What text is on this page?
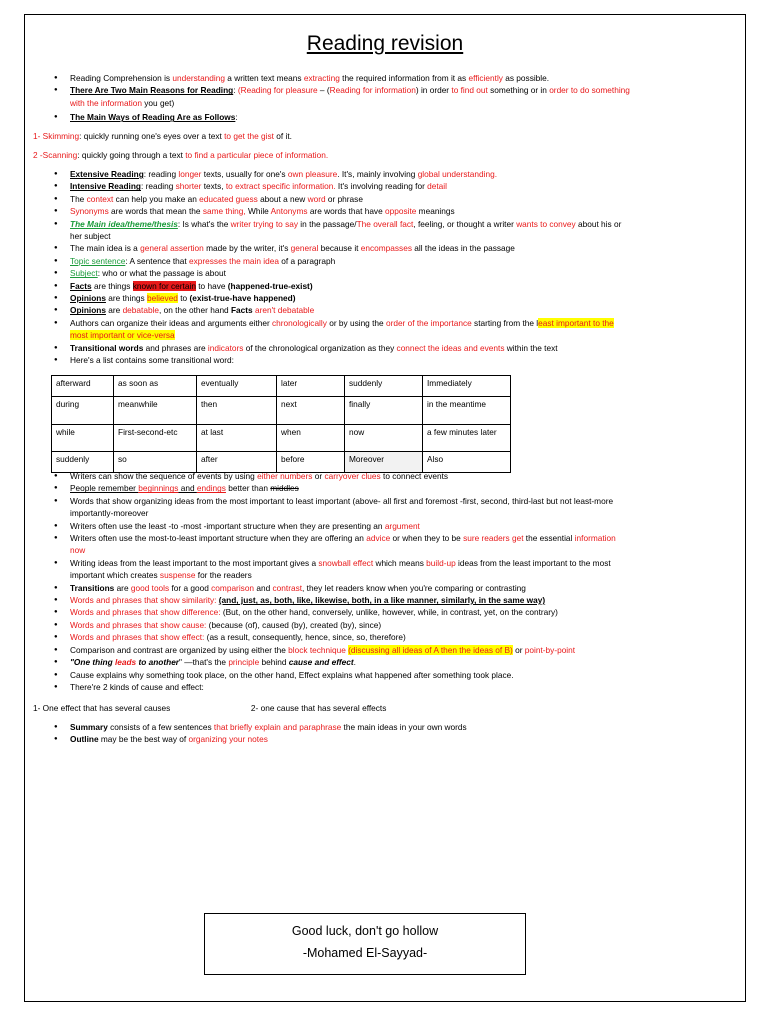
Reading revision
● Reading Comprehension is understanding a written text means extracting the required information from it as efficiently as possible.
● There Are Two Main Reasons for Reading: (Reading for pleasure – (Reading for information) in order to find out something or in order to do something
with the information you get)
● The Main Ways of Reading Are as Follows:
1- Skimming: quickly running one's eyes over a text to get the gist of it.
2 -Scanning: quickly going through a text to find a particular piece of information.
● Extensive Reading: reading longer texts, usually for one's own pleasure. It's, mainly involving global understanding.
● Intensive Reading: reading shorter texts, to extract specific information. It's involving reading for detail
● The context can help you make an educated guess about a new word or phrase
● Synonyms are words that mean the same thing, While Antonyms are words that have opposite meanings
● The Main idea/theme/thesis: Is what's the writer trying to say in the passage/The overall fact, feeling, or thought a writer wants to convey about his or
her subject
● The main idea is a general assertion made by the writer, it's general because it encompasses all the ideas in the passage
● Topic sentence: A sentence that expresses the main idea of a paragraph
● Subject: who or what the passage is about
● Facts are things known for certain to have (happened-true-exist)
● Opinions are things believed to (exist-true-have happened)
● Opinions are debatable, on the other hand Facts aren't debatable
● Authors can organize their ideas and arguments either chronologically or by using the order of the importance starting from the least important to the
most important or vice-versa
● Transitional words and phrases are indicators of the chronological organization as they connect the ideas and events within the text
● Here's a list contains some transitional word:
afterward	as soon as	eventually	later	suddenly	Immediately
during	meanwhile	then	next	finally	in the meantime
while	First-second-etc	at last	when	now	a few minutes later
suddenly	so	after	before	Moreover	Also
● Writers can show the sequence of events by using either numbers or carryover clues to connect events
● People remember beginnings and endings better than middles
● Words that show organizing ideas from the most important to least important (above- all first and foremost -first, second, third-last but not least-more
importantly-moreover
● Writers often use the least -to -most -important structure when they are presenting an argument
● Writers often use the most-to-least important structure when they are offering an advice or when they to be sure readers get the essential information
now
● Writing ideas from the least important to the most important gives a snowball effect which means build-up ideas from the least important to the most
important which creates suspense for the readers
● Transitions are good tools for a good comparison and contrast, they let readers know when you're comparing or contrasting
● Words and phrases that show similarity: (and, just, as, both, like, likewise, both, in a like manner, similarly, in the same way)
● Words and phrases that show difference: (But, on the other hand, conversely, unlike, however, while, in contrast, yet, on the contrary)
● Words and phrases that show cause: (because (of), caused (by), created (by), since)
● Words and phrases that show effect: (as a result, consequently, hence, since, so, therefore)
● Comparison and contrast are organized by using either the block technique (discussing all ideas of A then the ideas of B) or point-by-point
● "One thing leads to another" —that's the principle behind cause and effect.
● Cause explains why something took place, on the other hand, Effect explains what happened after something took place.
● There're 2 kinds of cause and effect:
1- One effect that has several causes	2- one cause that has several effects
● Summary consists of a few sentences that briefly explain and paraphrase the main ideas in your own words
● Outline may be the best way of organizing your notes
Good luck, don't go hollow
-Mohamed El-Sayyad-
